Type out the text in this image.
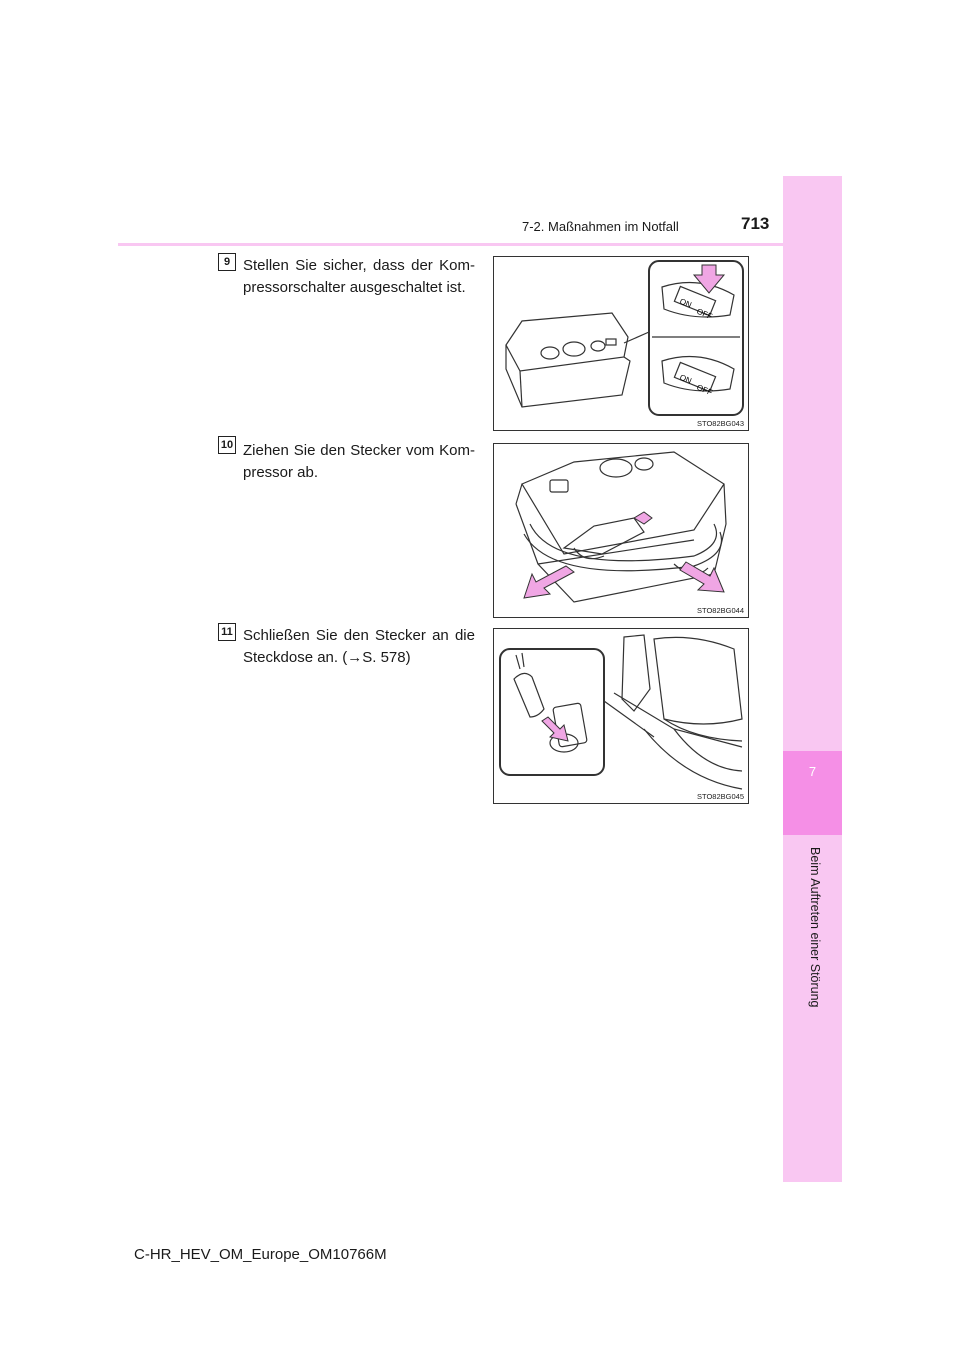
7
Beim Auftreten einer Störung
7-2. Maßnahmen im Notfall	713
9 Stellen Sie sicher, dass der Kom-pressorschalter ausgeschaltet ist.
ON
OFF
ON
OFF
STO82BG043
10 Ziehen Sie den Stecker vom Kom-pressor ab.
STO82BG044
11 Schließen Sie den Stecker an die Steckdose an. (→S. 578)
STO82BG045
C-HR_HEV_OM_Europe_OM10766M
